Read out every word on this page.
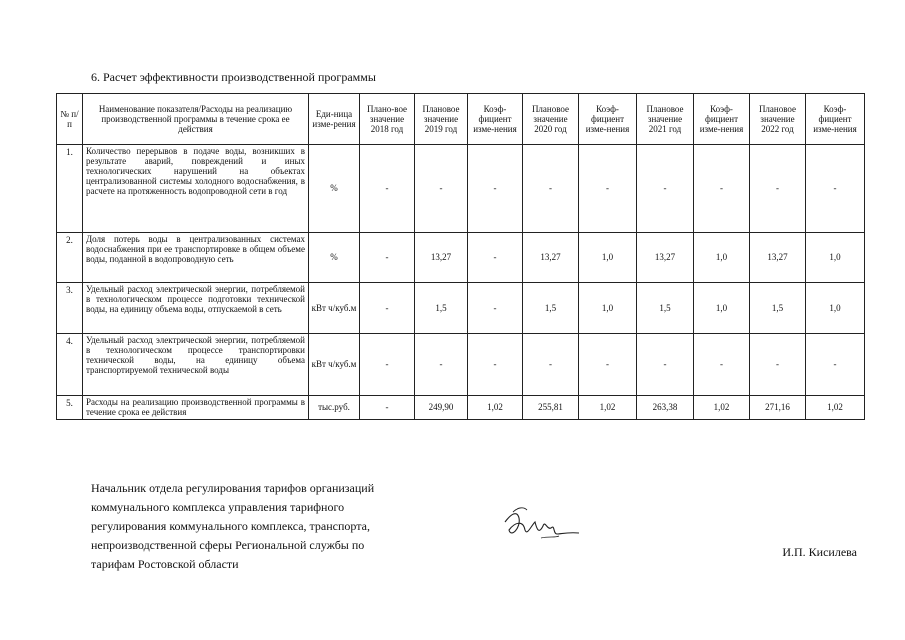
6. Расчет эффективности производственной программы
№ п/п	Наименование показателя/Расходы на реализацию производственной программы в течение срока ее действия	Еди-ница изме-рения	Плано-вое значение 2018 год	Плановое значение 2019 год	Коэф-фициент изме-нения	Плановое значение 2020 год	Коэф-фициент изме-нения	Плановое значение 2021 год	Коэф-фициент изме-нения	Плановое значение 2022 год	Коэф-фициент изме-нения
1.	Количество перерывов в подаче воды, возникших в результате аварий, повреждений и иных технологических нарушений на объектах централизованной системы холодного водоснабжения, в расчете на протяженность водопроводной сети в год	%	-	-	-	-	-	-	-	-	-
2.	Доля потерь воды в централизованных системах водоснабжения при ее транспортировке в общем объеме воды, поданной в водопроводную сеть	%	-	13,27	-	13,27	1,0	13,27	1,0	13,27	1,0
3.	Удельный расход электрической энергии, потребляемой в технологическом процессе подготовки технической воды, на единицу объема воды, отпускаемой в сеть	кВт ч/куб.м	-	1,5	-	1,5	1,0	1,5	1,0	1,5	1,0
4.	Удельный расход электрической энергии, потребляемой в технологическом процессе транспортировки технической воды, на единицу объема транспортируемой технической воды	кВт ч/куб.м	-	-	-	-	-	-	-	-	-
5.	Расходы на реализацию производственной программы в течение срока ее действия	тыс.руб.	-	249,90	1,02	255,81	1,02	263,38	1,02	271,16	1,02
Начальник отдела регулирования тарифов организаций
коммунального комплекса управления тарифного
регулирования коммунального комплекса, транспорта,
непроизводственной сферы Региональной службы по
тарифам Ростовской области
И.П. Кисилева
